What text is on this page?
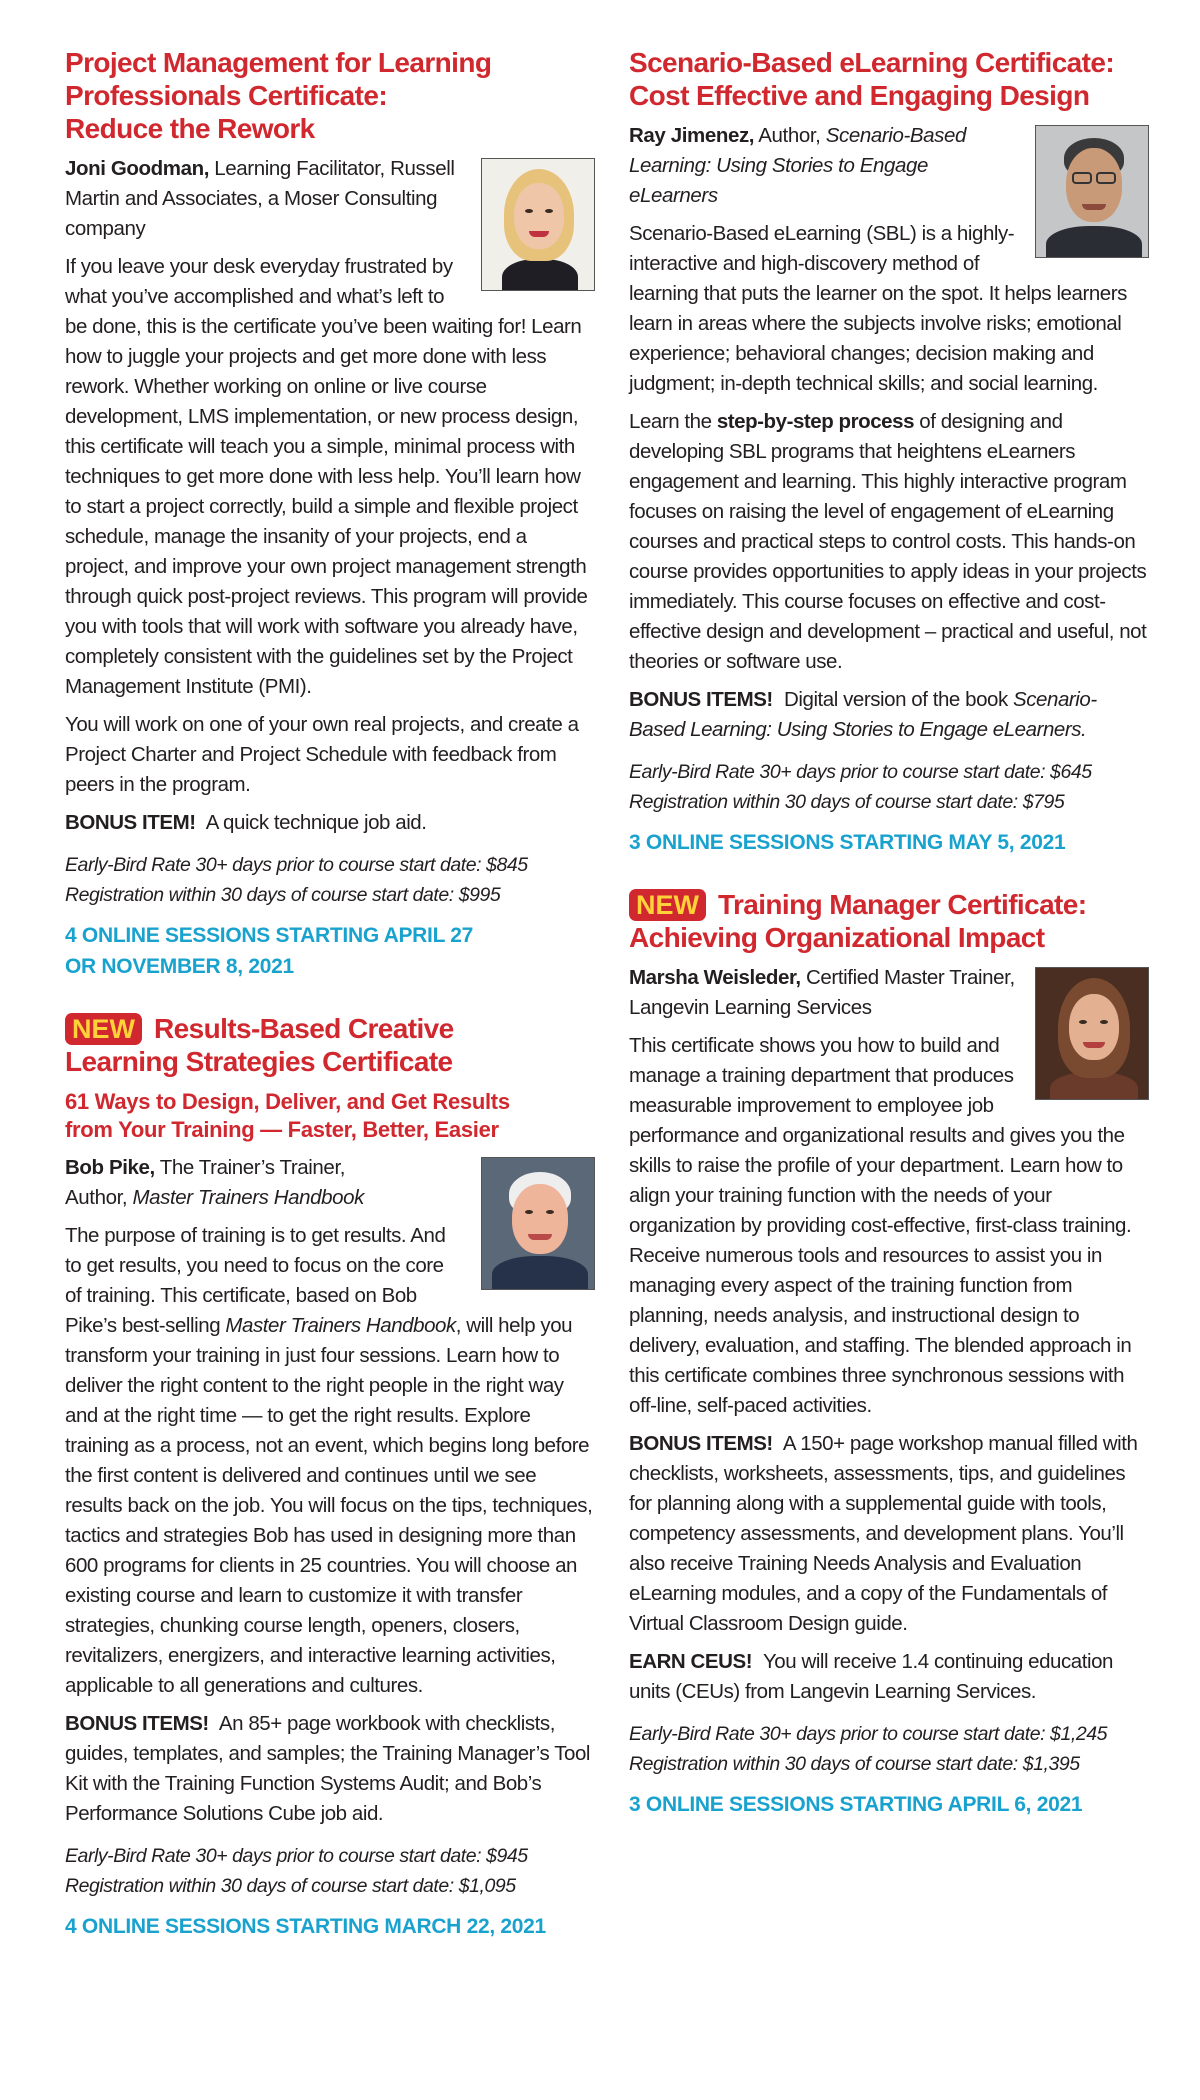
Project Management for Learning
Professionals Certificate:
Reduce the Rework
Joni Goodman, Learning Facilitator, Russell Martin and Associates, a Moser Consulting company

If you leave your desk everyday frustrated by what you’ve accomplished and what’s left to be done, this is the certificate you’ve been waiting for! Learn how to juggle your projects and get more done with less rework. Whether working on online or live course development, LMS implementation, or new process design, this certificate will teach you a simple, minimal process with techniques to get more done with less help. You’ll learn how to start a project correctly, build a simple and flexible project schedule, manage the insanity of your projects, end a project, and improve your own project management strength through quick post-project reviews. This program will provide you with tools that will work with software you already have, completely consistent with the guidelines set by the Project Management Institute (PMI).

You will work on one of your own real projects, and create a Project Charter and Project Schedule with feedback from peers in the program.

BONUS ITEM! A quick technique job aid.

Early-Bird Rate 30+ days prior to course start date: $845
Registration within 30 days of course start date: $995
4 ONLINE SESSIONS STARTING APRIL 27
OR NOVEMBER 8, 2021
NEW Results-Based Creative
Learning Strategies Certificate
61 Ways to Design, Deliver, and Get Results
from Your Training — Faster, Better, Easier
Bob Pike, The Trainer’s Trainer,
Author, Master Trainers Handbook

The purpose of training is to get results. And to get results, you need to focus on the core of training. This certificate, based on Bob Pike’s best-selling Master Trainers Handbook, will help you transform your training in just four sessions. Learn how to deliver the right content to the right people in the right way and at the right time — to get the right results. Explore training as a process, not an event, which begins long before the first content is delivered and continues until we see results back on the job. You will focus on the tips, techniques, tactics and strategies Bob has used in designing more than 600 programs for clients in 25 countries. You will choose an existing course and learn to customize it with transfer strategies, chunking course length, openers, closers, revitalizers, energizers, and interactive learning activities, applicable to all generations and cultures.

BONUS ITEMS! An 85+ page workbook with checklists, guides, templates, and samples; the Training Manager’s Tool Kit with the Training Function Systems Audit; and Bob’s Performance Solutions Cube job aid.

Early-Bird Rate 30+ days prior to course start date: $945
Registration within 30 days of course start date: $1,095
4 ONLINE SESSIONS STARTING MARCH 22, 2021
Scenario-Based eLearning Certificate:
Cost Effective and Engaging Design
Ray Jimenez, Author, Scenario-Based Learning: Using Stories to Engage eLearners

Scenario-Based eLearning (SBL) is a highly-interactive and high-discovery method of learning that puts the learner on the spot. It helps learners learn in areas where the subjects involve risks; emotional experience; behavioral changes; decision making and judgment; in-depth technical skills; and social learning.

Learn the step-by-step process of designing and developing SBL programs that heightens eLearners engagement and learning. This highly interactive program focuses on raising the level of engagement of eLearning courses and practical steps to control costs. This hands-on course provides opportunities to apply ideas in your projects immediately. This course focuses on effective and cost-effective design and development – practical and useful, not theories or software use.

BONUS ITEMS! Digital version of the book Scenario-Based Learning: Using Stories to Engage eLearners.

Early-Bird Rate 30+ days prior to course start date: $645
Registration within 30 days of course start date: $795
3 ONLINE SESSIONS STARTING MAY 5, 2021
NEW Training Manager Certificate:
Achieving Organizational Impact
Marsha Weisleder, Certified Master Trainer, Langevin Learning Services

This certificate shows you how to build and manage a training department that produces measurable improvement to employee job performance and organizational results and gives you the skills to raise the profile of your department. Learn how to align your training function with the needs of your organization by providing cost-effective, first-class training. Receive numerous tools and resources to assist you in managing every aspect of the training function from planning, needs analysis, and instructional design to delivery, evaluation, and staffing. The blended approach in this certificate combines three synchronous sessions with off-line, self-paced activities.

BONUS ITEMS! A 150+ page workshop manual filled with checklists, worksheets, assessments, tips, and guidelines for planning along with a supplemental guide with tools, competency assessments, and development plans. You’ll also receive Training Needs Analysis and Evaluation eLearning modules, and a copy of the Fundamentals of Virtual Classroom Design guide.

EARN CEUS! You will receive 1.4 continuing education units (CEUs) from Langevin Learning Services.

Early-Bird Rate 30+ days prior to course start date: $1,245
Registration within 30 days of course start date: $1,395
3 ONLINE SESSIONS STARTING APRIL 6, 2021
